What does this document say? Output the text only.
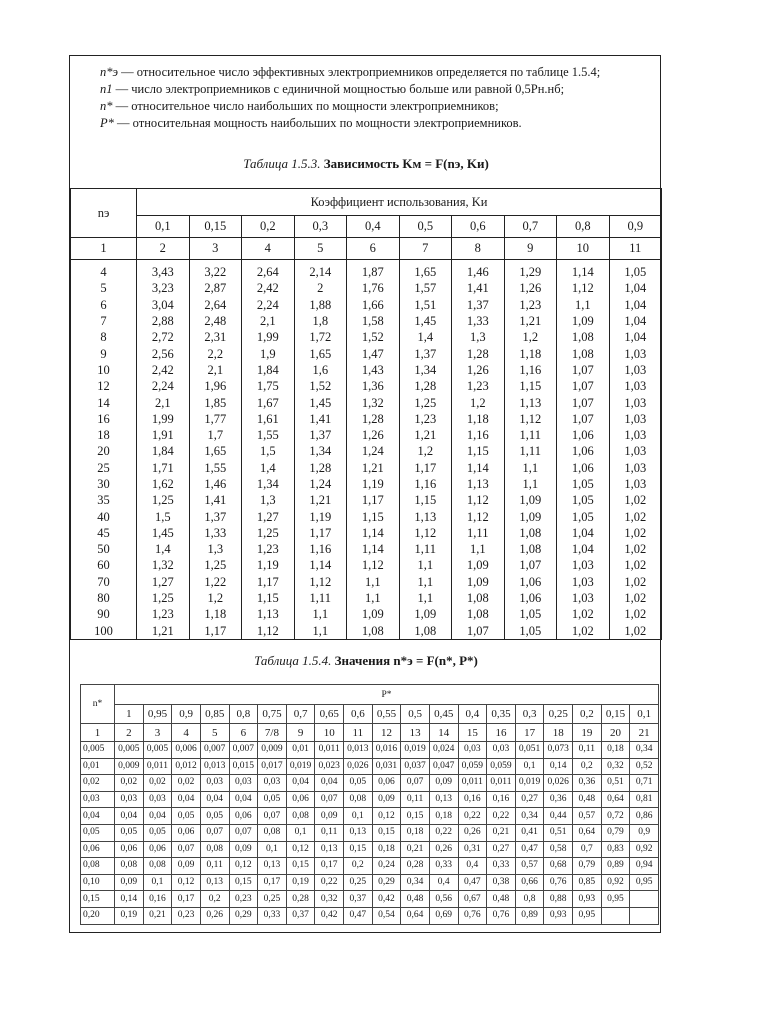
n*э — относительное число эффективных электроприемников определяется по таблице 1.5.4;
n1 — число электроприемников с единичной мощностью больше или равной 0,5Pн.нб;
n* — относительное число наибольших по мощности электроприемников;
P* — относительная мощность наибольших по мощности электроприемников.
Таблица 1.5.3. Зависимость Kм = F(nэ, Kи)
nэ	Коэффициент использования, Kи									
	0,1	0,15	0,2	0,3	0,4	0,5	0,6	0,7	0,8	0,9
1	2	3	4	5	6	7	8	9	10	11
4	3,43	3,22	2,64	2,14	1,87	1,65	1,46	1,29	1,14	1,05
5	3,23	2,87	2,42	2	1,76	1,57	1,41	1,26	1,12	1,04
6	3,04	2,64	2,24	1,88	1,66	1,51	1,37	1,23	1,1	1,04
7	2,88	2,48	2,1	1,8	1,58	1,45	1,33	1,21	1,09	1,04
8	2,72	2,31	1,99	1,72	1,52	1,4	1,3	1,2	1,08	1,04
9	2,56	2,2	1,9	1,65	1,47	1,37	1,28	1,18	1,08	1,03
10	2,42	2,1	1,84	1,6	1,43	1,34	1,26	1,16	1,07	1,03
12	2,24	1,96	1,75	1,52	1,36	1,28	1,23	1,15	1,07	1,03
14	2,1	1,85	1,67	1,45	1,32	1,25	1,2	1,13	1,07	1,03
16	1,99	1,77	1,61	1,41	1,28	1,23	1,18	1,12	1,07	1,03
18	1,91	1,7	1,55	1,37	1,26	1,21	1,16	1,11	1,06	1,03
20	1,84	1,65	1,5	1,34	1,24	1,2	1,15	1,11	1,06	1,03
25	1,71	1,55	1,4	1,28	1,21	1,17	1,14	1,1	1,06	1,03
30	1,62	1,46	1,34	1,24	1,19	1,16	1,13	1,1	1,05	1,03
35	1,25	1,41	1,3	1,21	1,17	1,15	1,12	1,09	1,05	1,02
40	1,5	1,37	1,27	1,19	1,15	1,13	1,12	1,09	1,05	1,02
45	1,45	1,33	1,25	1,17	1,14	1,12	1,11	1,08	1,04	1,02
50	1,4	1,3	1,23	1,16	1,14	1,11	1,1	1,08	1,04	1,02
60	1,32	1,25	1,19	1,14	1,12	1,1	1,09	1,07	1,03	1,02
70	1,27	1,22	1,17	1,12	1,1	1,1	1,09	1,06	1,03	1,02
80	1,25	1,2	1,15	1,11	1,1	1,1	1,08	1,06	1,03	1,02
90	1,23	1,18	1,13	1,1	1,09	1,09	1,08	1,05	1,02	1,02
100	1,21	1,17	1,12	1,1	1,08	1,08	1,07	1,05	1,02	1,02
Таблица 1.5.4. Значения n*э = F(n*, P*)
n*	P*																		
	1	0,95	0,9	0,85	0,8	0,75	0,7	0,65	0,6	0,55	0,5	0,45	0,4	0,35	0,3	0,25	0,2	0,15	0,1
1	2	3	4	5	6	7/8	9	10	11	12	13	14	15	16	17	18	19	20	21
0,005	0,005	0,005	0,006	0,007	0,007	0,009	0,01	0,011	0,013	0,016	0,019	0,024	0,03	0,03	0,051	0,073	0,11	0,18	0,34
0,01	0,009	0,011	0,012	0,013	0,015	0,017	0,019	0,023	0,026	0,031	0,037	0,047	0,059	0,059	0,1	0,14	0,2	0,32	0,52
0,02	0,02	0,02	0,02	0,03	0,03	0,03	0,04	0,04	0,05	0,06	0,07	0,09	0,011	0,011	0,019	0,026	0,36	0,51	0,71
0,03	0,03	0,03	0,04	0,04	0,04	0,05	0,06	0,07	0,08	0,09	0,11	0,13	0,16	0,16	0,27	0,36	0,48	0,64	0,81
0,04	0,04	0,04	0,05	0,05	0,06	0,07	0,08	0,09	0,1	0,12	0,15	0,18	0,22	0,22	0,34	0,44	0,57	0,72	0,86
0,05	0,05	0,05	0,06	0,07	0,07	0,08	0,1	0,11	0,13	0,15	0,18	0,22	0,26	0,21	0,41	0,51	0,64	0,79	0,9
0,06	0,06	0,06	0,07	0,08	0,09	0,1	0,12	0,13	0,15	0,18	0,21	0,26	0,31	0,27	0,47	0,58	0,7	0,83	0,92
0,08	0,08	0,08	0,09	0,11	0,12	0,13	0,15	0,17	0,2	0,24	0,28	0,33	0,4	0,33	0,57	0,68	0,79	0,89	0,94
0,10	0,09	0,1	0,12	0,13	0,15	0,17	0,19	0,22	0,25	0,29	0,34	0,4	0,47	0,38	0,66	0,76	0,85	0,92	0,95
0,15	0,14	0,16	0,17	0,2	0,23	0,25	0,28	0,32	0,37	0,42	0,48	0,56	0,67	0,48	0,8	0,88	0,93	0,95	
0,20	0,19	0,21	0,23	0,26	0,29	0,33	0,37	0,42	0,47	0,54	0,64	0,69	0,76	0,76	0,89	0,93	0,95		
